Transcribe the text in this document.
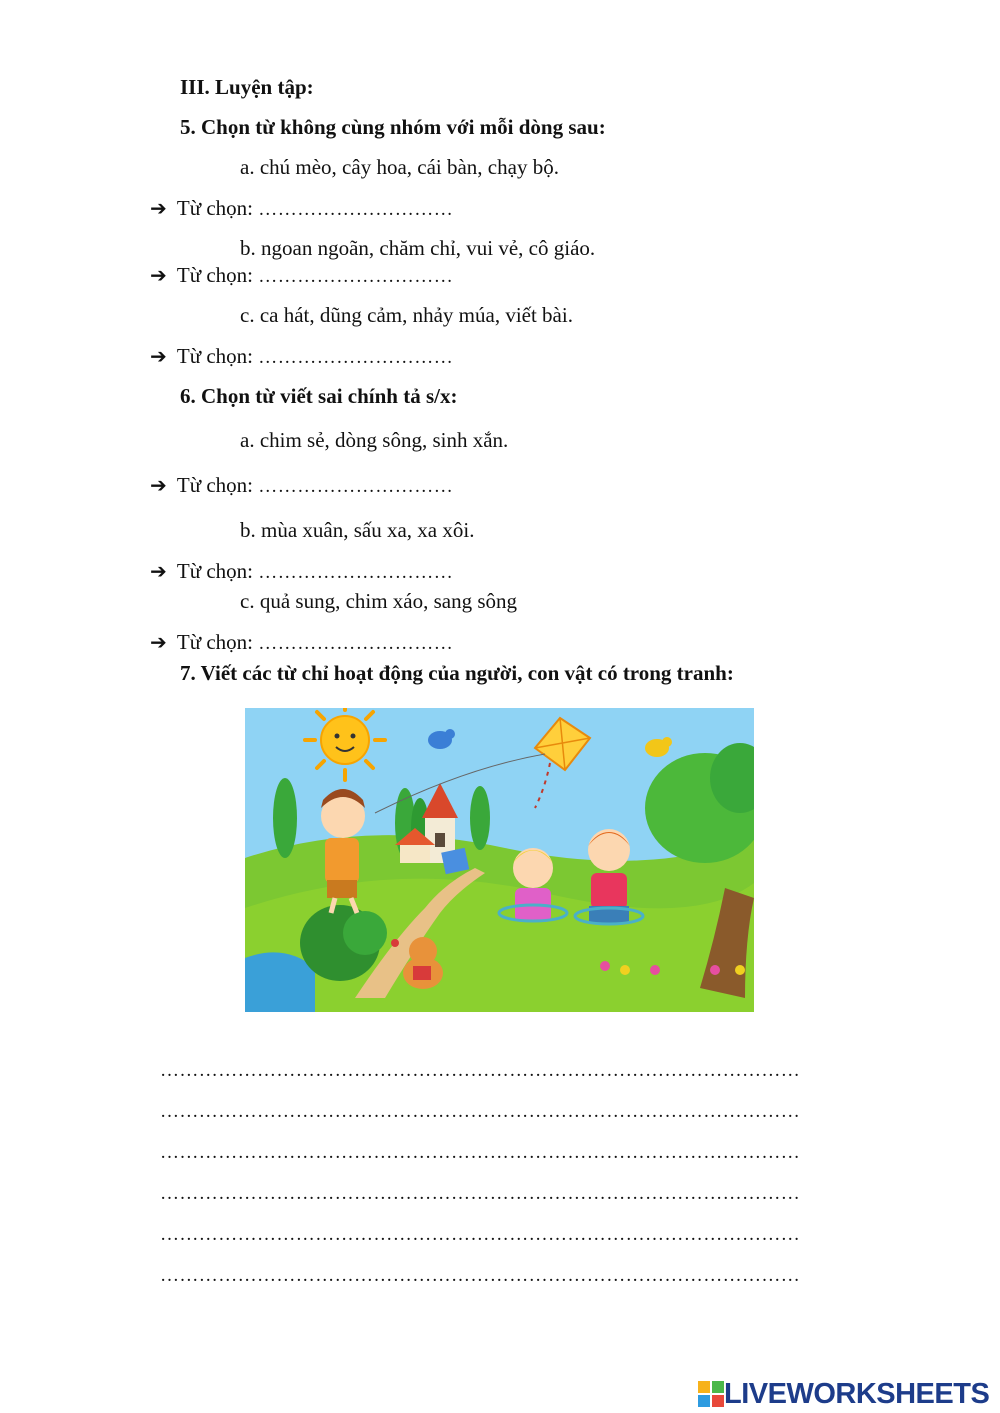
III. Luyện tập:
5. Chọn từ không cùng nhóm với mỗi dòng sau:
a. chú mèo, cây hoa, cái bàn, chạy bộ.
➔ Từ chọn: …………………………
b. ngoan ngoãn, chăm chỉ, vui vẻ, cô giáo.
➔ Từ chọn: …………………………
c. ca hát, dũng cảm, nhảy múa, viết bài.
➔ Từ chọn: …………………………
6. Chọn từ viết sai chính tả s/x:
a. chim sẻ, dòng sông, sinh xắn.
➔ Từ chọn: …………………………
b. mùa xuân, sấu xa, xa xôi.
➔ Từ chọn: …………………………
c. quả sung, chim xáo, sang sông
➔ Từ chọn: …………………………
7. Viết các từ chỉ hoạt động của người, con vật có trong tranh:
………………………………………………………………………………………
………………………………………………………………………………………
………………………………………………………………………………………
………………………………………………………………………………………
………………………………………………………………………………………
………………………………………………………………………………………
LIVEWORKSHEETS
